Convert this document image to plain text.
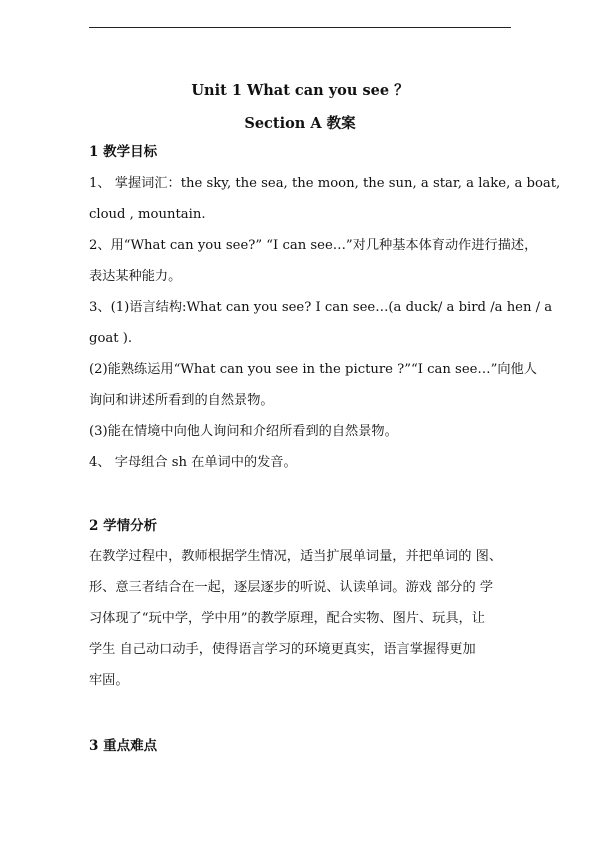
Unit 1 What can you see ？
Section A 教案
1 教学目标
1、 掌握词汇：the sky, the sea, the moon, the sun, a star, a lake, a boat,
cloud , mountain.
2、用“What can you see?” “I can see…”对几种基本体育动作进行描述，
表达某种能力。
3、(1)语言结构:What can you see? I can see…(a duck/ a bird /a hen / a
goat ).
(2)能熟练运用“What can you see in the picture ?”“I can see…”向他人
询问和讲述所看到的自然景物。
(3)能在情境中向他人询问和介绍所看到的自然景物。
4、 字母组合 sh 在单词中的发音。
2 学情分析
在教学过程中，教师根据学生情况，适当扩展单词量，并把单词的 图、
形、意三者结合在一起，逐层逐步的听说、认读单词。游戏 部分的 学
习体现了“玩中学，学中用”的教学原理，配合实物、图片、玩具，让
学生 自己动口动手，使得语言学习的环境更真实，语言掌握得更加
牢固。
3 重点难点
